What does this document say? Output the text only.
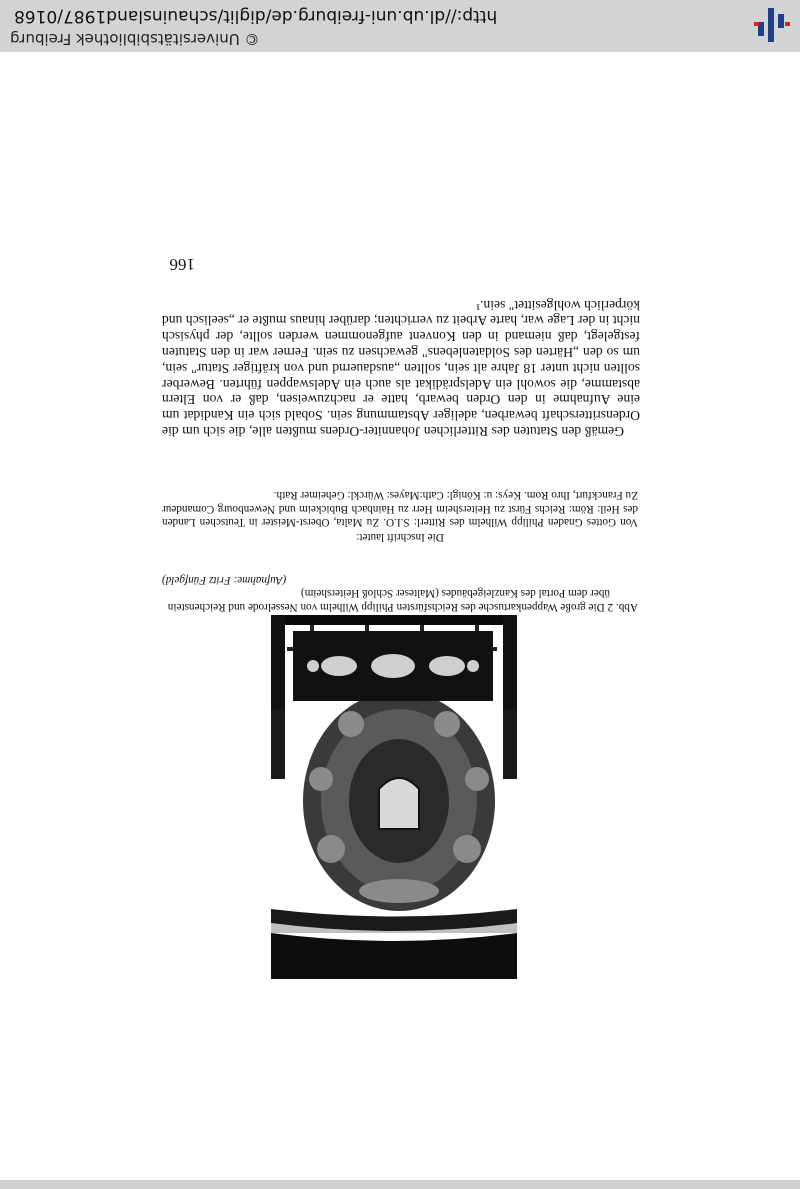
Abb. 2 Die große Wappenkartusche des Reichsfürsten Philipp Wilhelm von Nesselrode und Reichenstein
über dem Portal des Kanzleigebäudes (Malteser Schloß Heitersheim)
(Aufnahme: Fritz Fünfgeld)
Die Inschrift lautet:
Von Gottes Gnaden Philipp Wilhelm des Ritterl: S.I.O. Zu Malta, Oberst-Meister in Teutschen Landen des Heil: Röm: Reichs Fürst zu Heitersheim Herr zu Hainbach Bubickeim und Newenbourg Comandeur Zu Franckfurt, Ihro Rom. Keys: u: Königl: Cath:Mayes: Würckl: Geheimer Rath.
Gemäß den Statuten des Ritterlichen Johanniter-Ordens mußten alle, die sich um die Ordensritterschaft bewarben, adeliger Abstammung sein. Sobald sich ein Kandidat um eine Aufnahme in den Orden bewarb, hatte er nachzuweisen, daß er von Eltern abstamme, die sowohl ein Adelsprädikat als auch ein Adelswappen führten. Bewerber sollten nicht unter 18 Jahre alt sein, sollten „ausdauernd und von kräftiger Statur" sein, um so den „Härten des Soldatenlebens" gewachsen zu sein. Ferner war in den Statuten festgelegt, daß niemand in den Konvent aufgenommen werden sollte, der physisch nicht in der Lage war, harte Arbeit zu verrichten; darüber hinaus mußte er „seelisch und körperlich wohlgesittet" sein.¹
166
© Universitätsbibliothek Freiburg
http://dl.ub.uni-freiburg.de/diglit/schauinsland1987/0168
